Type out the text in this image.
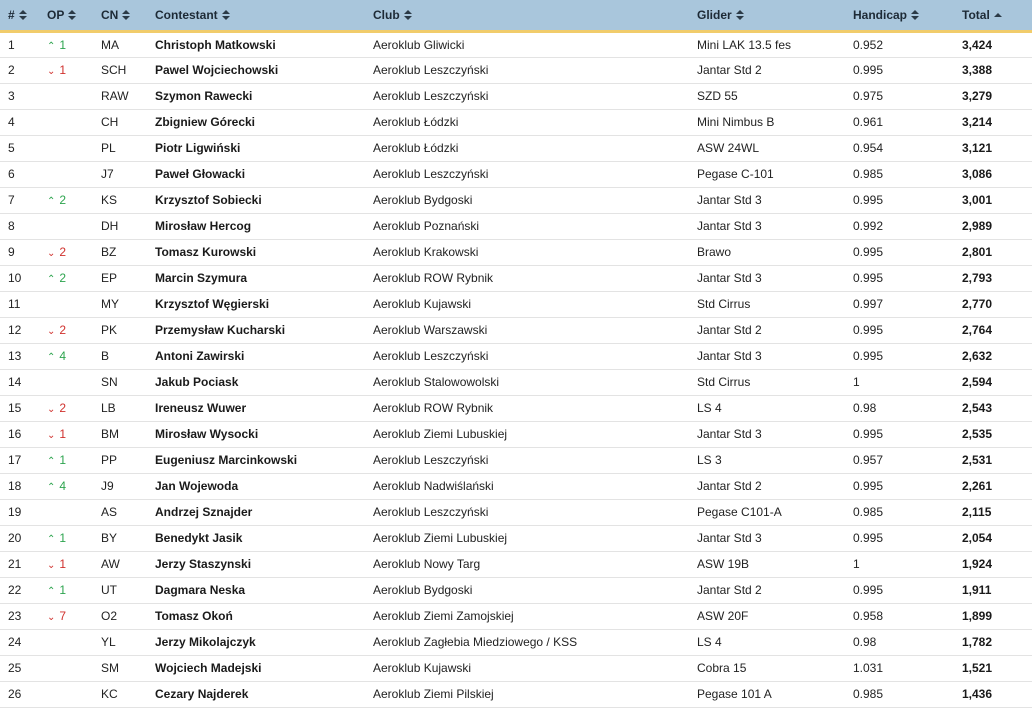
#	OP	CN	Contestant	Club	Glider	Handicap	Total

1	⌃ 1	MA	Christoph Matkowski	Aeroklub Gliwicki	Mini LAK 13.5 fes	0.952	3,424
2	⌄ 1	SCH	Pawel Wojciechowski	Aeroklub Leszczyński	Jantar Std 2	0.995	3,388
3		RAW	Szymon Rawecki	Aeroklub Leszczyński	SZD 55	0.975	3,279
4		CH	Zbigniew Górecki	Aeroklub Łódzki	Mini Nimbus B	0.961	3,214
5		PL	Piotr Ligwiński	Aeroklub Łódzki	ASW 24WL	0.954	3,121
6		J7	Paweł Głowacki	Aeroklub Leszczyński	Pegase C-101	0.985	3,086
7	⌃ 2	KS	Krzysztof Sobiecki	Aeroklub Bydgoski	Jantar Std 3	0.995	3,001
8		DH	Mirosław Hercog	Aeroklub Poznański	Jantar Std 3	0.992	2,989
9	⌄ 2	BZ	Tomasz Kurowski	Aeroklub Krakowski	Brawo	0.995	2,801
10	⌃ 2	EP	Marcin Szymura	Aeroklub ROW Rybnik	Jantar Std 3	0.995	2,793
11		MY	Krzysztof Węgierski	Aeroklub Kujawski	Std Cirrus	0.997	2,770
12	⌄ 2	PK	Przemysław Kucharski	Aeroklub Warszawski	Jantar Std 2	0.995	2,764
13	⌃ 4	B	Antoni Zawirski	Aeroklub Leszczyński	Jantar Std 3	0.995	2,632
14		SN	Jakub Pociask	Aeroklub Stalowowolski	Std Cirrus	1	2,594
15	⌄ 2	LB	Ireneusz Wuwer	Aeroklub ROW Rybnik	LS 4	0.98	2,543
16	⌄ 1	BM	Mirosław Wysocki	Aeroklub Ziemi Lubuskiej	Jantar Std 3	0.995	2,535
17	⌃ 1	PP	Eugeniusz Marcinkowski	Aeroklub Leszczyński	LS 3	0.957	2,531
18	⌃ 4	J9	Jan Wojewoda	Aeroklub Nadwiślański	Jantar Std 2	0.995	2,261
19		AS	Andrzej Sznajder	Aeroklub Leszczyński	Pegase C101-A	0.985	2,115
20	⌃ 1	BY	Benedykt Jasik	Aeroklub Ziemi Lubuskiej	Jantar Std 3	0.995	2,054
21	⌄ 1	AW	Jerzy Staszynski	Aeroklub Nowy Targ	ASW 19B	1	1,924
22	⌃ 1	UT	Dagmara Neska	Aeroklub Bydgoski	Jantar Std 2	0.995	1,911
23	⌄ 7	O2	Tomasz Okoń	Aeroklub Ziemi Zamojskiej	ASW 20F	0.958	1,899
24		YL	Jerzy Mikolajczyk	Aeroklub Zagłebia Miedziowego / KSS	LS 4	0.98	1,782
25		SM	Wojciech Madejski	Aeroklub Kujawski	Cobra 15	1.031	1,521
26		KC	Cezary Najderek	Aeroklub Ziemi Pilskiej	Pegase 101 A	0.985	1,436
